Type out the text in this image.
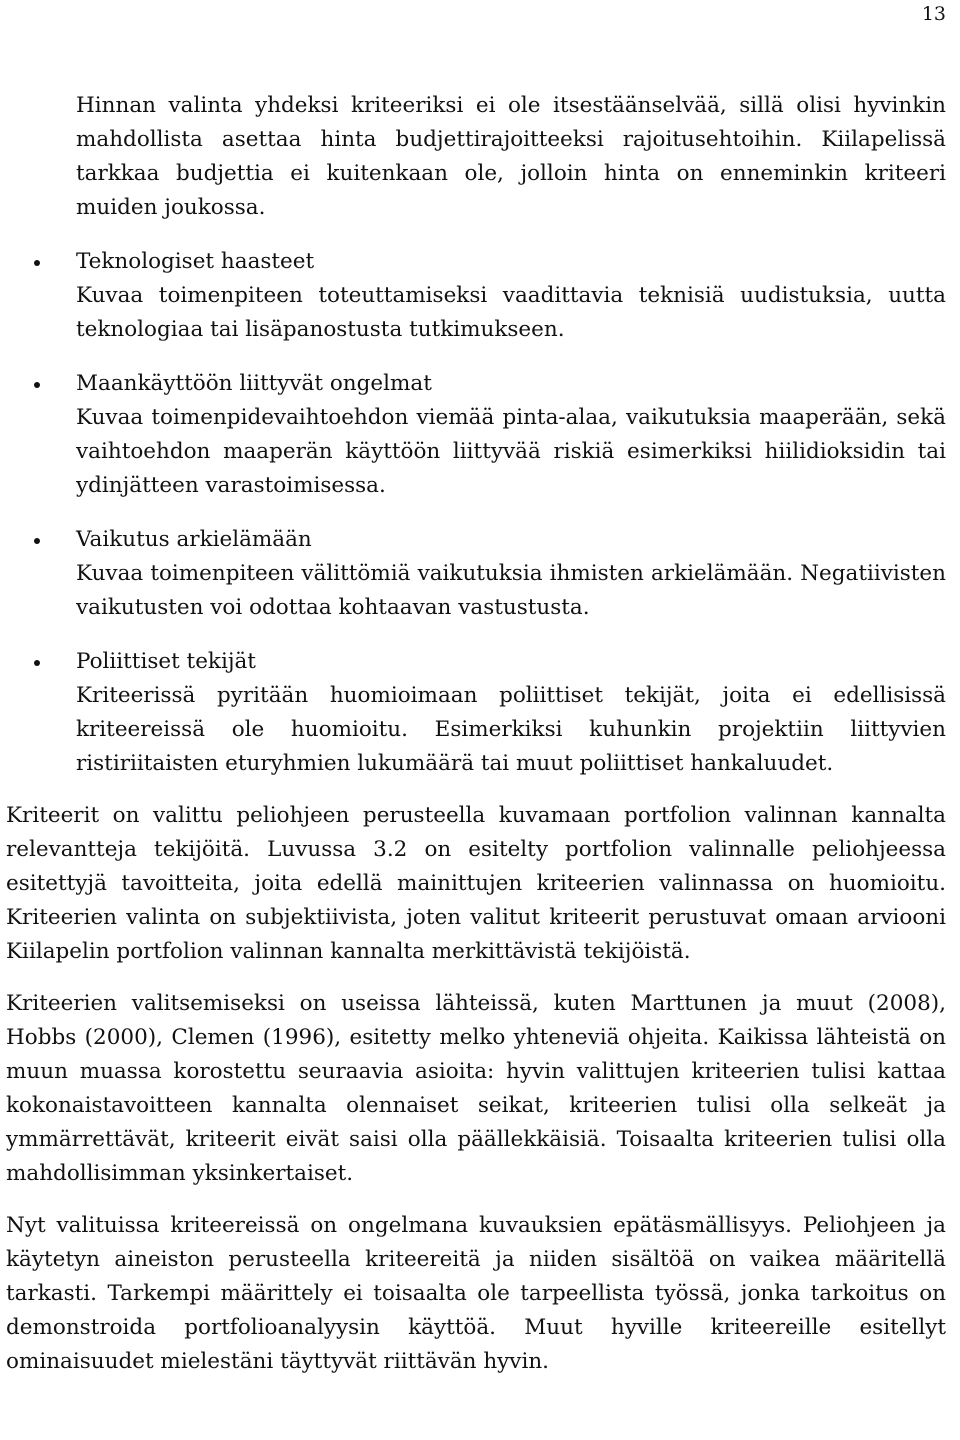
13

Hinnan valinta yhdeksi kriteeriksi ei ole itsestäänselvää, sillä olisi hyvinkin mahdollista asettaa hinta budjettirajoitteeksi rajoitusehtoihin. Kiilapelissä tarkkaa budjettia ei kuitenkaan ole, jolloin hinta on enneminkin kriteeri muiden joukossa.

Teknologiset haasteet
Kuvaa toimenpiteen toteuttamiseksi vaadittavia teknisiä uudistuksia, uutta teknologiaa tai lisäpanostusta tutkimukseen.
Maankäyttöön liittyvät ongelmat
Kuvaa toimenpidevaihtoehdon viemää pinta-alaa, vaikutuksia maaperään, sekä vaihtoehdon maaperän käyttöön liittyvää riskiä esimerkiksi hiilidioksidin tai ydinjätteen varastoimisessa.
Vaikutus arkielämään
Kuvaa toimenpiteen välittömiä vaikutuksia ihmisten arkielämään. Negatiivisten vaikutusten voi odottaa kohtaavan vastustusta.
Poliittiset tekijät
Kriteerissä pyritään huomioimaan poliittiset tekijät, joita ei edellisissä kriteereissä ole huomioitu. Esimerkiksi kuhunkin projektiin liittyvien ristiriitaisten eturyhmien lukumäärä tai muut poliittiset hankaluudet.

Kriteerit on valittu peliohjeen perusteella kuvamaan portfolion valinnan kannalta relevantteja tekijöitä. Luvussa 3.2 on esitelty portfolion valinnalle peliohjeessa esitettyjä tavoitteita, joita edellä mainittujen kriteerien valinnassa on huomioitu. Kriteerien valinta on subjektiivista, joten valitut kriteerit perustuvat omaan arviooni Kiilapelin portfolion valinnan kannalta merkittävistä tekijöistä.

Kriteerien valitsemiseksi on useissa lähteissä, kuten Marttunen ja muut (2008), Hobbs (2000), Clemen (1996), esitetty melko yhteneviä ohjeita. Kaikissa lähteistä on muun muassa korostettu seuraavia asioita: hyvin valittujen kriteerien tulisi kattaa kokonaistavoitteen kannalta olennaiset seikat, kriteerien tulisi olla selkeät ja ymmärrettävät, kriteerit eivät saisi olla päällekkäisiä. Toisaalta kriteerien tulisi olla mahdollisimman yksinkertaiset.

Nyt valituissa kriteereissä on ongelmana kuvauksien epätäsmällisyys. Peliohjeen ja käytetyn aineiston perusteella kriteereitä ja niiden sisältöä on vaikea määritellä tarkasti. Tarkempi määrittely ei toisaalta ole tarpeellista työssä, jonka tarkoitus on demonstroida portfolioanalyysin käyttöä. Muut hyville kriteereille esitellyt ominaisuudet mielestäni täyttyvät riittävän hyvin.
